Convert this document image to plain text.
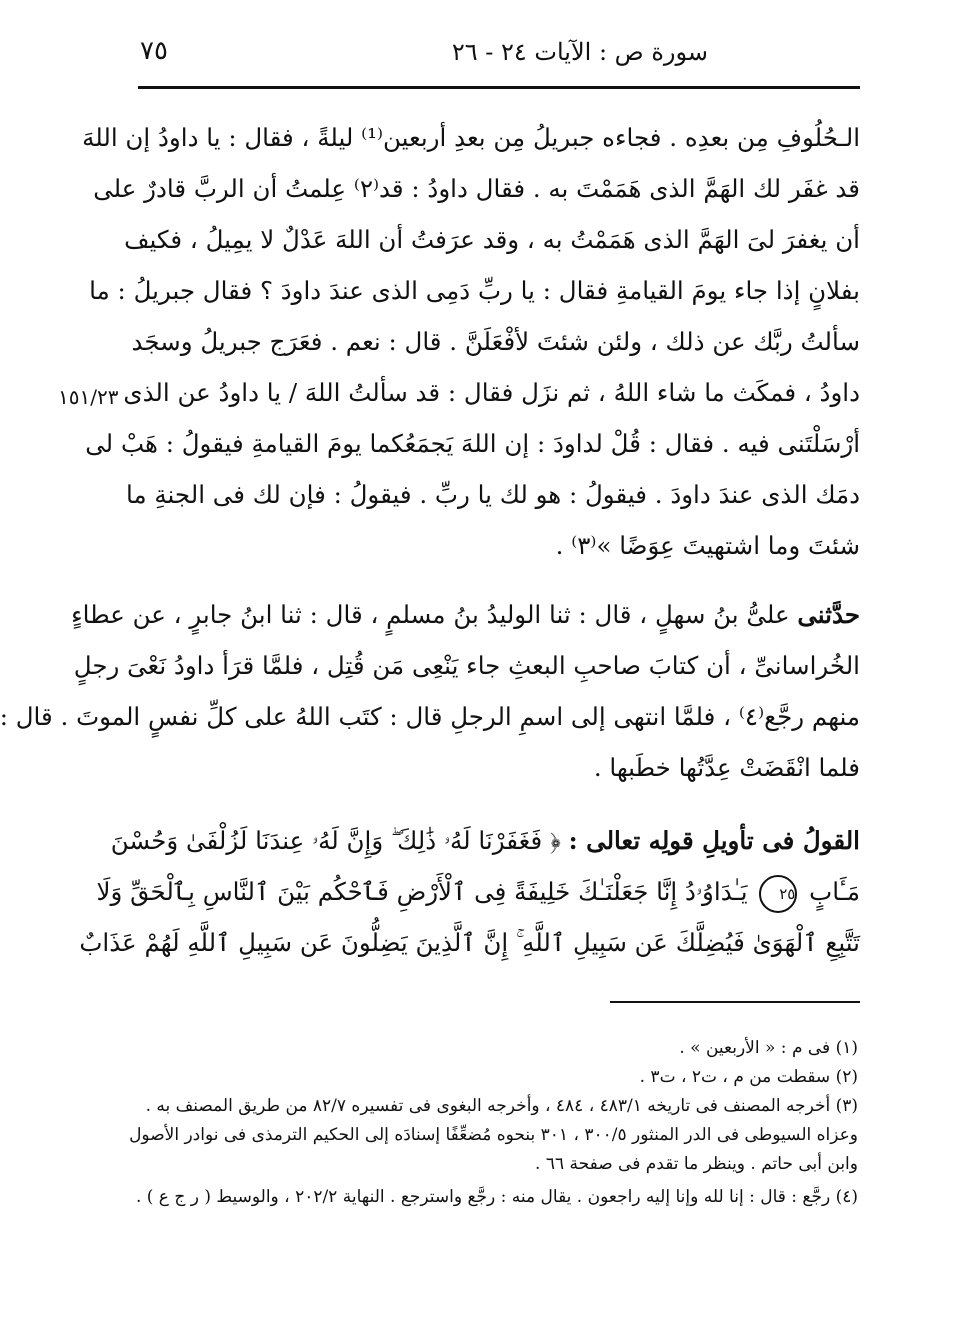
٧٥	سورة ص : الآيات ٢٤ - ٢٦
١٥١/٢٣
الـحُلُوفِ مِن بعدِه . فجاءه جبريلُ مِن بعدِ أربعين⁽¹⁾ ليلةً ، فقال : يا داودُ إن اللهَ
قد غفَر لك الهَمَّ الذى هَمَمْتَ به . فقال داودُ : قد⁽٢⁾ عِلمتُ أن الربَّ قادرٌ على
أن يغفرَ لىَ الهَمَّ الذى هَمَمْتُ به ، وقد عرَفتُ أن اللهَ عَدْلٌ لا يمِيلُ ، فكيف
بفلانٍ إذا جاء يومَ القيامةِ فقال : يا ربِّ دَمِى الذى عندَ داودَ ؟ فقال جبريلُ : ما
سألتُ ربَّك عن ذلك ، ولئن شئتَ لأفْعَلَنَّ . قال : نعم . فعَرَج جبريلُ وسجَد
داودُ ، فمكَث ما شاء اللهُ ، ثم نزَل فقال : قد سألتُ اللهَ / يا داودُ عن الذى
أرْسَلْتَنى فيه . فقال : قُلْ لداودَ : إن اللهَ يَجمَعُكما يومَ القيامةِ فيقولُ : هَبْ لى
دمَك الذى عندَ داودَ . فيقولُ : هو لك يا ربِّ . فيقولُ : فإن لك فى الجنةِ ما
شئتَ وما اشتهيتَ عِوَضًا »⁽٣⁾ .
حدَّثنى علىُّ بنُ سهلٍ ، قال : ثنا الوليدُ بنُ مسلمٍ ، قال : ثنا ابنُ جابرٍ ، عن عطاءٍ
الخُراسانىِّ ، أن كتابَ صاحبِ البعثِ جاء يَنْعِى مَن قُتِل ، فلمَّا قرَأ داودُ نَعْىَ رجلٍ
منهم رجَّع⁽٤⁾ ، فلمَّا انتهى إلى اسمِ الرجلِ قال : كتَب اللهُ على كلِّ نفسٍ الموتَ . قال :
فلما انْقَضَتْ عِدَّتُها خطَبها .
القولُ فى تأويلِ قولِه تعالى : ﴿ فَغَفَرْنَا لَهُۥ ذَٰلِكَ ۖ وَإِنَّ لَهُۥ عِندَنَا لَزُلْفَىٰ وَحُسْنَ
مَـَٔابٍ ٢٥ يَـٰدَاوُۥدُ إِنَّا جَعَلْنَـٰكَ خَلِيفَةً فِى ٱلْأَرْضِ فَٱحْكُم بَيْنَ ٱلنَّاسِ بِٱلْحَقِّ وَلَا
تَتَّبِعِ ٱلْهَوَىٰ فَيُضِلَّكَ عَن سَبِيلِ ٱللَّهِ ۚ إِنَّ ٱلَّذِينَ يَضِلُّونَ عَن سَبِيلِ ٱللَّهِ لَهُمْ عَذَابٌ
(١) فى م : « الأربعين » .
(٢) سقطت من م ، ت٢ ، ت٣ .
(٣) أخرجه المصنف فى تاريخه ٤٨٣/١ ، ٤٨٤ ، وأخرجه البغوى فى تفسيره ٨٢/٧ من طريق المصنف به .
وعزاه السيوطى فى الدر المنثور ٣٠٠/٥ ، ٣٠١ بنحوه مُضعِّفًا إسنادَه إلى الحكيم الترمذى فى نوادر الأصول
وابن أبى حاتم . وينظر ما تقدم فى صفحة ٦٦ .
(٤) رجَّع : قال : إنا لله وإنا إليه راجعون . يقال منه : رجَّع واسترجع . النهاية ٢٠٢/٢ ، والوسيط ( ر ج ع ) .
